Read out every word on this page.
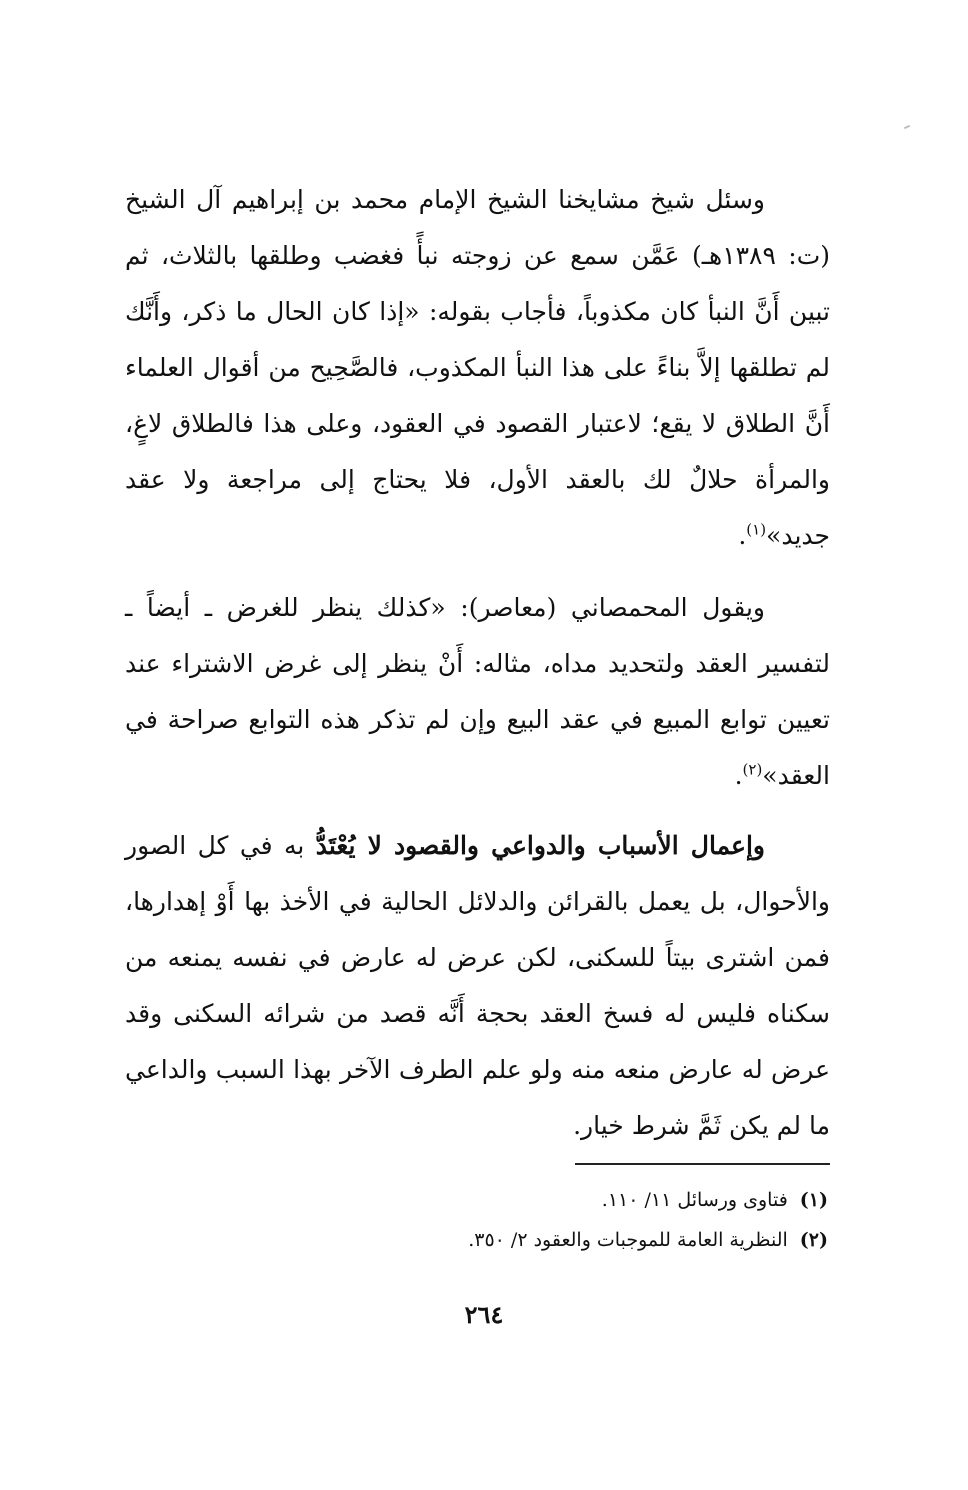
وسئل شيخ مشايخنا الشيخ الإمام محمد بن إبراهيم آل الشيخ (ت: ١٣٨٩هـ) عَمَّن سمع عن زوجته نبأً فغضب وطلقها بالثلاث، ثم تبين أَنَّ النبأ كان مكذوباً، فأجاب بقوله: «إذا كان الحال ما ذكر، وأَنَّك لم تطلقها إلاَّ بناءً على هذا النبأ المكذوب، فالصَّحِيح من أقوال العلماء أَنَّ الطلاق لا يقع؛ لاعتبار القصود في العقود، وعلى هذا فالطلاق لاغٍ، والمرأة حلالٌ لك بالعقد الأول، فلا يحتاج إلى مراجعة ولا عقد جديد»$^{(١)}$.

ويقول المحمصاني (معاصر): «كذلك ينظر للغرض ـ أيضاً ـ لتفسير العقد ولتحديد مداه، مثاله: أَنْ ينظر إلى غرض الاشتراء عند تعيين توابع المبيع في عقد البيع وإن لم تذكر هذه التوابع صراحة في العقد»$^{(٢)}$.

وإعمال الأسباب والدواعي والقصود لا يُعْتَدُّ به في كل الصور والأحوال، بل يعمل بالقرائن والدلائل الحالية في الأخذ بها أَوْ إهدارها، فمن اشترى بيتاً للسكنى، لكن عرض له عارض في نفسه يمنعه من سكناه فليس له فسخ العقد بحجة أَنَّه قصد من شرائه السكنى وقد عرض له عارض منعه منه ولو علم الطرف الآخر بهذا السبب والداعي ما لم يكن ثَمَّ شرط خيار.

(١)فتاوى ورسائل ١١/ ١١٠.
(٢)النظرية العامة للموجبات والعقود ٢/ ٣٥٠.
٢٦٤
